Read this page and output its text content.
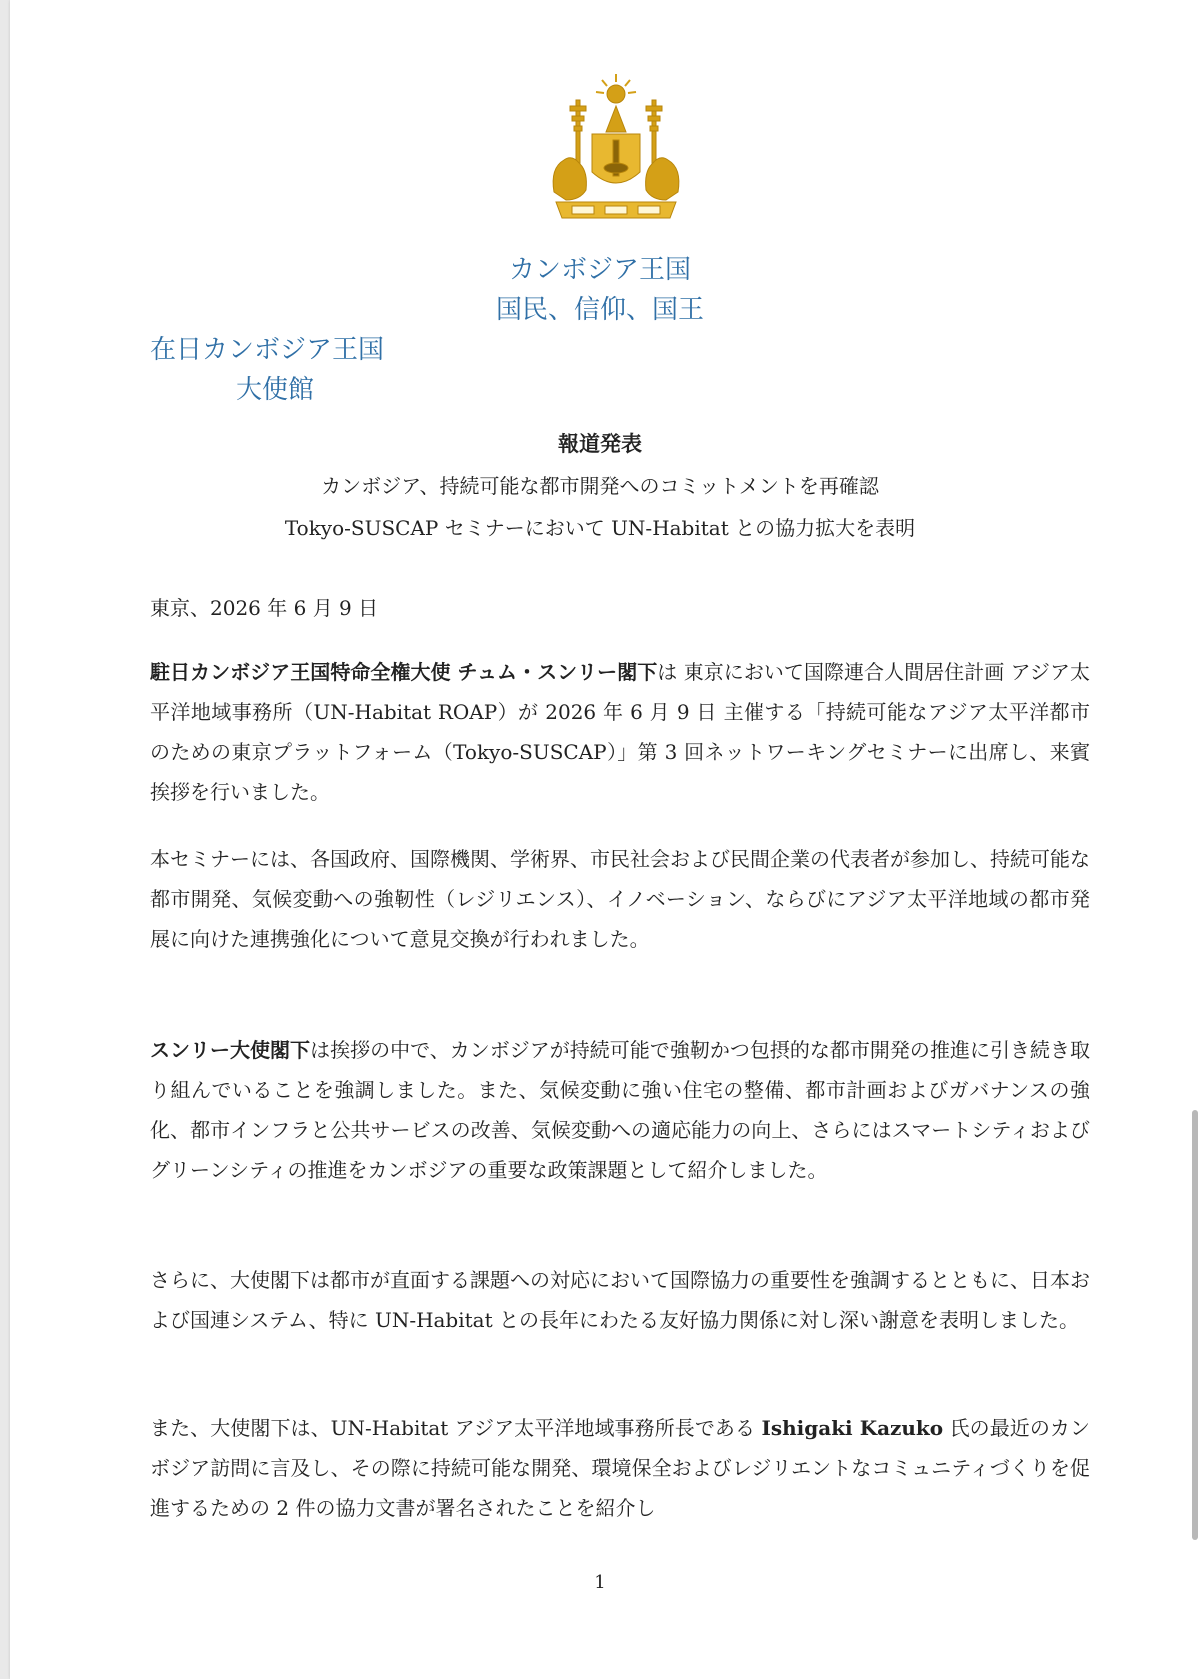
カンボジア王国
国民、信仰、国王
在日カンボジア王国
大使館
報道発表
カンボジア、持続可能な都市開発へのコミットメントを再確認
Tokyo-SUSCAP セミナーにおいて UN-Habitat との協力拡大を表明
東京、2026 年 6 月 9 日

駐日カンボジア王国特命全権大使 チュム・スンリー閣下は 東京において国際連合人間居住計画 アジア太平洋地域事務所（UN-Habitat ROAP）が 2026 年 6 月 9 日 主催する「持続可能なアジア太平洋都市のための東京プラットフォーム（Tokyo-SUSCAP）」第 3 回ネットワーキングセミナーに出席し、来賓挨拶を行いました。

本セミナーには、各国政府、国際機関、学術界、市民社会および民間企業の代表者が参加し、持続可能な都市開発、気候変動への強靭性（レジリエンス）、イノベーション、ならびにアジア太平洋地域の都市発展に向けた連携強化について意見交換が行われました。

スンリー大使閣下は挨拶の中で、カンボジアが持続可能で強靭かつ包摂的な都市開発の推進に引き続き取り組んでいることを強調しました。また、気候変動に強い住宅の整備、都市計画およびガバナンスの強化、都市インフラと公共サービスの改善、気候変動への適応能力の向上、さらにはスマートシティおよびグリーンシティの推進をカンボジアの重要な政策課題として紹介しました。

さらに、大使閣下は都市が直面する課題への対応において国際協力の重要性を強調するとともに、日本および国連システム、特に UN-Habitat との長年にわたる友好協力関係に対し深い謝意を表明しました。

また、大使閣下は、UN-Habitat アジア太平洋地域事務所長である Ishigaki Kazuko 氏の最近のカンボジア訪問に言及し、その際に持続可能な開発、環境保全およびレジリエントなコミュニティづくりを促進するための 2 件の協力文書が署名されたことを紹介し

1
